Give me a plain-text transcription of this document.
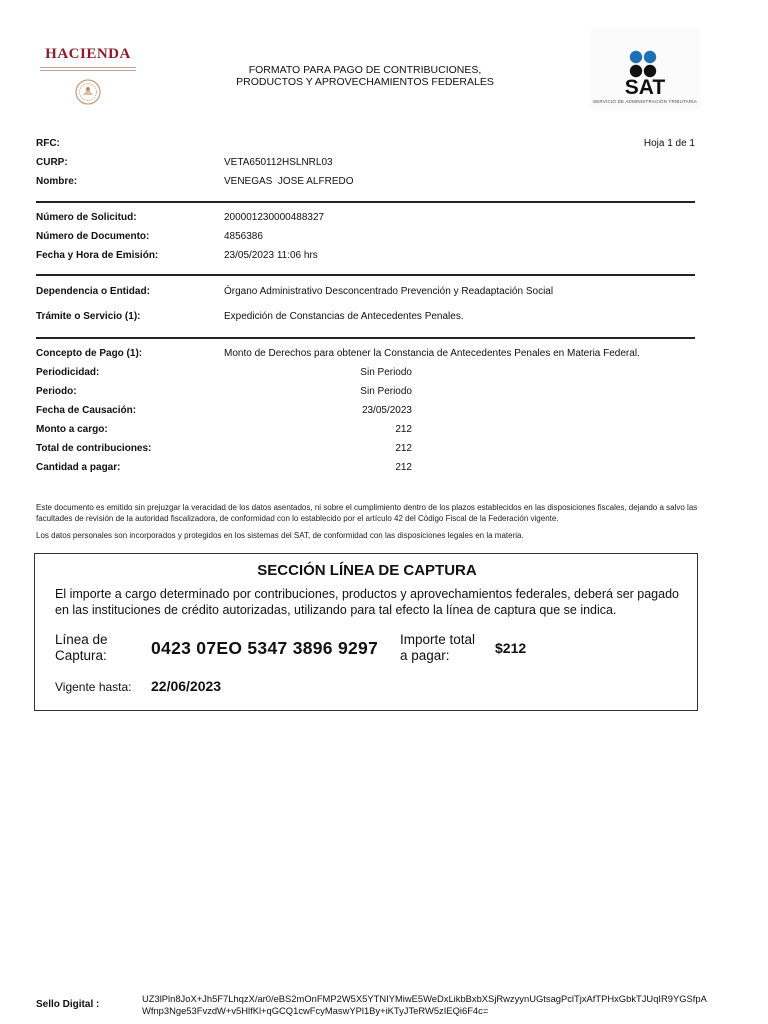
HACIENDA
FORMATO PARA PAGO DE CONTRIBUCIONES,
PRODUCTOS Y APROVECHAMIENTOS FEDERALES	SAT
SERVICIO DE ADMINISTRACIÓN TRIBUTARIA
Hoja 1 de 1
RFC:
CURP:	VETA650112HSLNRL03
Nombre:	VENEGAS  JOSE ALFREDO
Número de Solicitud:	200001230000488327
Número de Documento:	4856386
Fecha y Hora de Emisión:	23/05/2023 11:06 hrs
Dependencia o Entidad:	Órgano Administrativo Desconcentrado Prevención y Readaptación Social
Trámite o Servicio (1):	Expedición de Constancias de Antecedentes Penales.
Concepto de Pago (1):	Monto de Derechos para obtener la Constancia de Antecedentes Penales en Materia Federal.
Periodicidad:	Sin Periodo
Periodo:	Sin Periodo
Fecha de Causación:	23/05/2023
Monto a cargo:	212
Total de contribuciones:	212
Cantidad a pagar:	212
Este documento es emitido sin prejuzgar la veracidad de los datos asentados, ni sobre el cumplimiento dentro de los plazos establecidos en las disposiciones fiscales, dejando a salvo las facultades de revisión de la autoridad fiscalizadora, de conformidad con lo establecido por el artículo 42 del Código Fiscal de la Federación vigente.
Los datos personales son incorporados y protegidos en los sistemas del SAT, de conformidad con las disposiciones legales en la materia.
SECCIÓN LÍNEA DE CAPTURA
El importe a cargo determinado por contribuciones, productos y aprovechamientos federales, deberá ser pagado en las instituciones de crédito autorizadas, utilizando para tal efecto la línea de captura que se indica.
Línea de
Captura:	0423 07EO 5347 3896 9297 Importe total
a pagar:	$212
Vigente hasta: 22/06/2023
Sello Digital :
UZ3lPln8JoX+Jh5F7LhqzX/ar0/eBS2mOnFMP2W5X5YTNIYMiwE5WeDxLikbBxbXSjRwzyynUGtsagPclTjxAfTPHxGbkTJUqIR9YGSfpAWfnp3Nge53FvzdW+v5HlfKl+qGCQ1cwFcyMaswYPl1By+iKTyJTeRW5zIEQi6F4c=
